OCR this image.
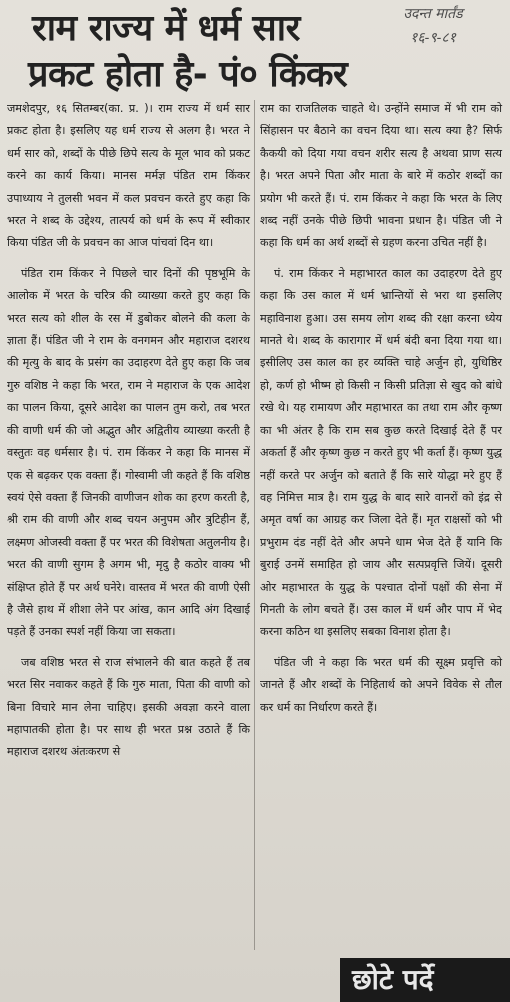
राम राज्य में धर्म सार
प्रकट होता है- पं० किंकर
उदन्त मार्तंड
१६-९-८१

जमशेदपुर, १६ सितम्बर(का. प्र. )। राम राज्य में धर्म सार प्रकट होता है। इसलिए यह धर्म राज्य से अलग है। भरत ने धर्म सार को, शब्दों के पीछे छिपे सत्य के मूल भाव को प्रकट करने का कार्य किया। मानस मर्मज्ञ पंडित राम किंकर उपाध्याय ने तुलसी भवन में कल प्रवचन करते हुए कहा कि भरत ने शब्द के उद्देश्य, तात्पर्य को धर्म के रूप में स्वीकार किया पंडित जी के प्रवचन का आज पांचवां दिन था।

पंडित राम किंकर ने पिछले चार दिनों की पृष्ठभूमि के आलोक में भरत के चरित्र की व्याख्या करते हुए कहा कि भरत सत्य को शील के रस में डुबोकर बोलने की कला के ज्ञाता हैं। पंडित जी ने राम के वनगमन और महाराज दशरथ की मृत्यु के बाद के प्रसंग का उदाहरण देते हुए कहा कि जब गुरु वशिष्ठ ने कहा कि भरत, राम ने महाराज के एक आदेश का पालन किया, दूसरे आदेश का पालन तुम करो, तब भरत की वाणी धर्म की जो अद्भुत और अद्वितीय व्याख्या करती है वस्तुतः वह धर्मसार है। पं. राम किंकर ने कहा कि मानस में एक से बढ़कर एक वक्ता हैं। गोस्वामी जी कहते हैं कि वशिष्ठ स्वयं ऐसे वक्ता हैं जिनकी वाणीजन शोक का हरण करती है, श्री राम की वाणी और शब्द चयन अनुपम और त्रुटिहीन हैं, लक्ष्मण ओजस्वी वक्ता हैं पर भरत की विशेषता अतुलनीय है। भरत की वाणी सुगम है अगम भी, मृदु है कठोर वाक्य भी संक्षिप्त होते हैं पर अर्थ घनेरे। वास्तव में भरत की वाणी ऐसी है जैसे हाथ में शीशा लेने पर आंख, कान आदि अंग दिखाई पड़ते हैं उनका स्पर्श नहीं किया जा सकता।

जब वशिष्ठ भरत से राज संभालने की बात कहते हैं तब भरत सिर नवाकर कहते हैं कि गुरु माता, पिता की वाणी को बिना विचारे मान लेना चाहिए। इसकी अवज्ञा करने वाला महापातकी होता है। पर साथ ही भरत प्रश्न उठाते हैं कि महाराज दशरथ अंतःकरण से

राम का राजतिलक चाहते थे। उन्होंने समाज में भी राम को सिंहासन पर बैठाने का वचन दिया था। सत्य क्या है? सिर्फ कैकयी को दिया गया वचन शरीर सत्य है अथवा प्राण सत्य है। भरत अपने पिता और माता के बारे में कठोर शब्दों का प्रयोग भी करते हैं। पं. राम किंकर ने कहा कि भरत के लिए शब्द नहीं उनके पीछे छिपी भावना प्रधान है। पंडित जी ने कहा कि धर्म का अर्थ शब्दों से ग्रहण करना उचित नहीं है।

पं. राम किंकर ने महाभारत काल का उदाहरण देते हुए कहा कि उस काल में धर्म भ्रान्तियों से भरा था इसलिए महाविनाश हुआ। उस समय लोग शब्द की रक्षा करना ध्येय मानते थे। शब्द के कारागार में धर्म बंदी बना दिया गया था। इसीलिए उस काल का हर व्यक्ति चाहे अर्जुन हो, युधिष्ठिर हो, कर्ण हो भीष्म हो किसी न किसी प्रतिज्ञा से खुद को बांधे रखे थे। यह रामायण और महाभारत का तथा राम और कृष्ण का भी अंतर है कि राम सब कुछ करते दिखाई देते हैं पर अकर्ता हैं और कृष्ण कुछ न करते हुए भी कर्ता हैं। कृष्ण युद्ध नहीं करते पर अर्जुन को बताते हैं कि सारे योद्धा मरे हुए हैं वह निमित्त मात्र है। राम युद्ध के बाद सारे वानरों को इंद्र से अमृत वर्षा का आग्रह कर जिला देते हैं। मृत राक्षसों को भी प्रभुराम दंड नहीं देते और अपने धाम भेज देते हैं यानि कि बुराई उनमें समाहित हो जाय और सत्पप्रवृत्ति जियें। दूसरी ओर महाभारत के युद्ध के पश्चात दोनों पक्षों की सेना में गिनती के लोग बचते हैं। उस काल में धर्म और पाप में भेद करना कठिन था इसलिए सबका विनाश होता है।

पंडित जी ने कहा कि भरत धर्म की सूक्ष्म प्रवृत्ति को जानते हैं और शब्दों के निहितार्थ को अपने विवेक से तौल कर धर्म का निर्धारण करते हैं।

छोटे पर्दे
